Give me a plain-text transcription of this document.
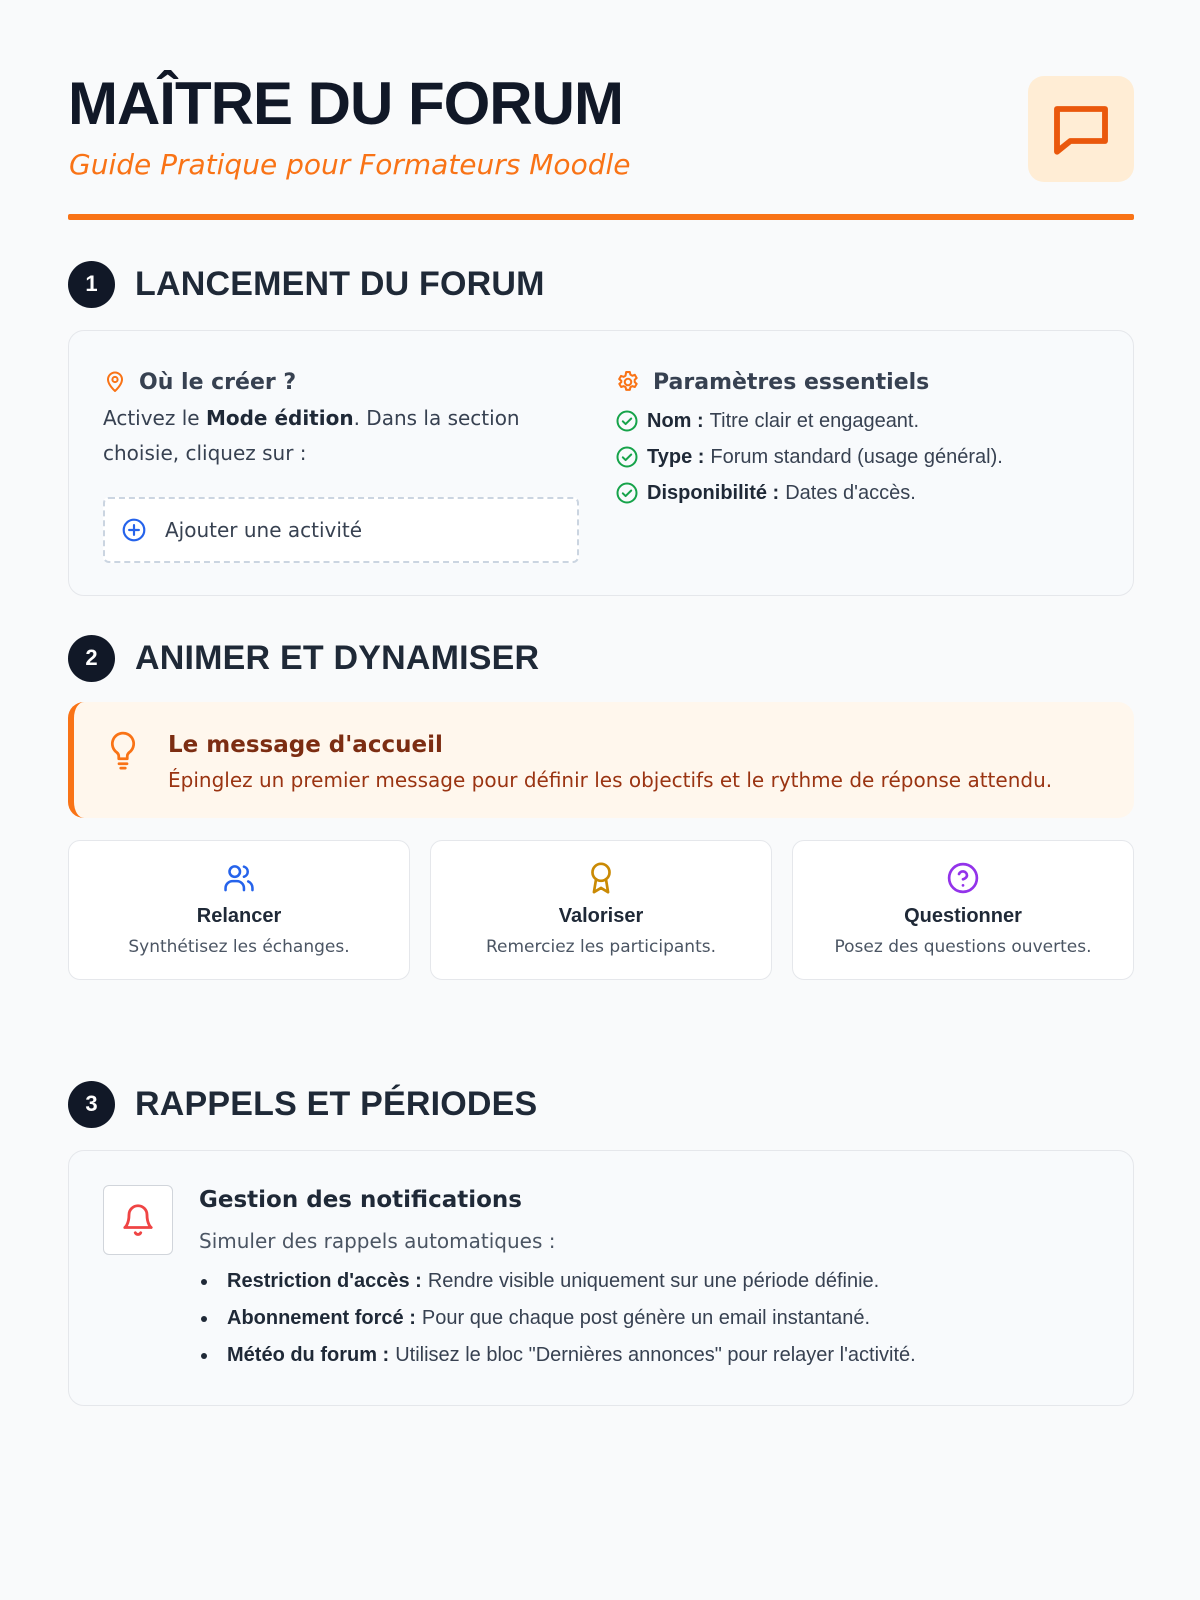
MAÎTRE DU FORUM
Guide Pratique pour Formateurs Moodle
1	LANCEMENT DU FORUM
Où le créer ?
Activez le Mode édition. Dans la section choisie, cliquez sur :
Ajouter une activité
Paramètres essentiels
Nom : Titre clair et engageant.
Type : Forum standard (usage général).
Disponibilité : Dates d'accès.
2	ANIMER ET DYNAMISER
Le message d'accueil
Épinglez un premier message pour définir les objectifs et le rythme de réponse attendu.
Relancer
Synthétisez les échanges.
Valoriser
Remerciez les participants.
Questionner
Posez des questions ouvertes.
3	RAPPELS ET PÉRIODES
Gestion des notifications
Simuler des rappels automatiques :
Restriction d'accès : Rendre visible uniquement sur une période définie.
Abonnement forcé : Pour que chaque post génère un email instantané.
Météo du forum : Utilisez le bloc "Dernières annonces" pour relayer l'activité.
